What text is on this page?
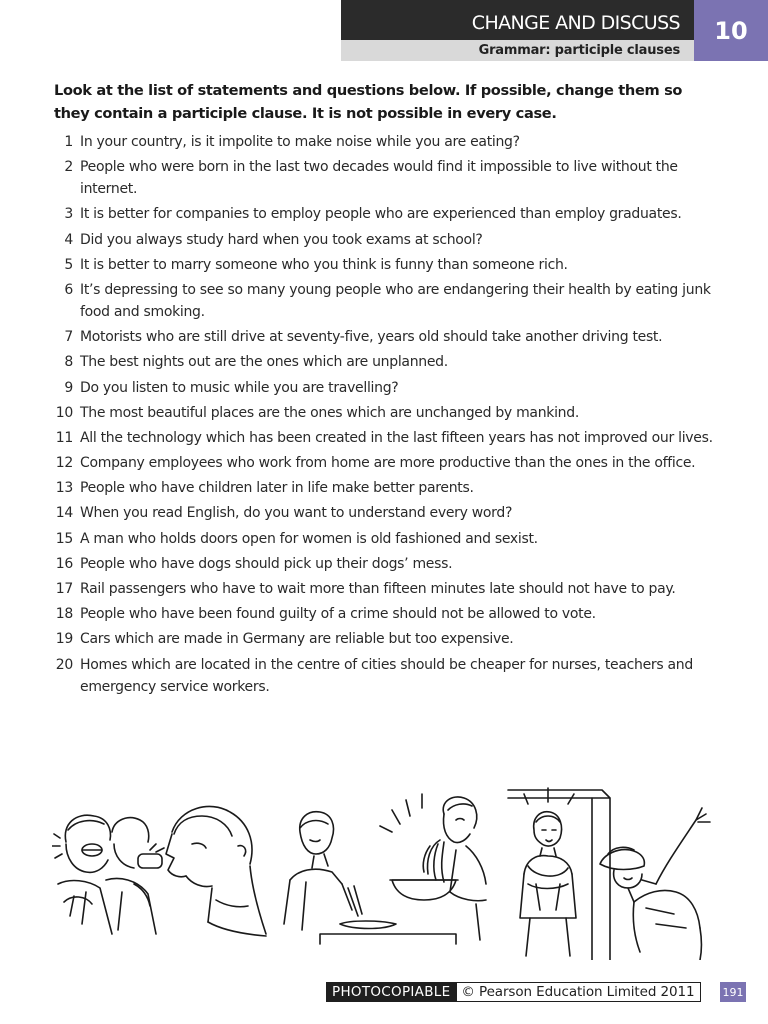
CHANGE AND DISCUSS
Grammar: participle clauses
10

Look at the list of statements and questions below. If possible, change them so they contain a participle clause. It is not possible in every case.

1 In your country, is it impolite to make noise while you are eating?
2 People who were born in the last two decades would find it impossible to live without the internet.
3 It is better for companies to employ people who are experienced than employ graduates.
4 Did you always study hard when you took exams at school?
5 It is better to marry someone who you think is funny than someone rich.
6 It’s depressing to see so many young people who are endangering their health by eating junk food and smoking.
7 Motorists who are still drive at seventy-five, years old should take another driving test.
8 The best nights out are the ones which are unplanned.
9 Do you listen to music while you are travelling?
10 The most beautiful places are the ones which are unchanged by mankind.
11 All the technology which has been created in the last fifteen years has not improved our lives.
12 Company employees who work from home are more productive than the ones in the office.
13 People who have children later in life make better parents.
14 When you read English, do you want to understand every word?
15 A man who holds doors open for women is old fashioned and sexist.
16 People who have dogs should pick up their dogs’ mess.
17 Rail passengers who have to wait more than fifteen minutes late should not have to pay.
18 People who have been found guilty of a crime should not be allowed to vote.
19 Cars which are made in Germany are reliable but too expensive.
20 Homes which are located in the centre of cities should be cheaper for nurses, teachers and emergency service workers.
PHOTOCOPIABLE © Pearson Education Limited 2011	191
